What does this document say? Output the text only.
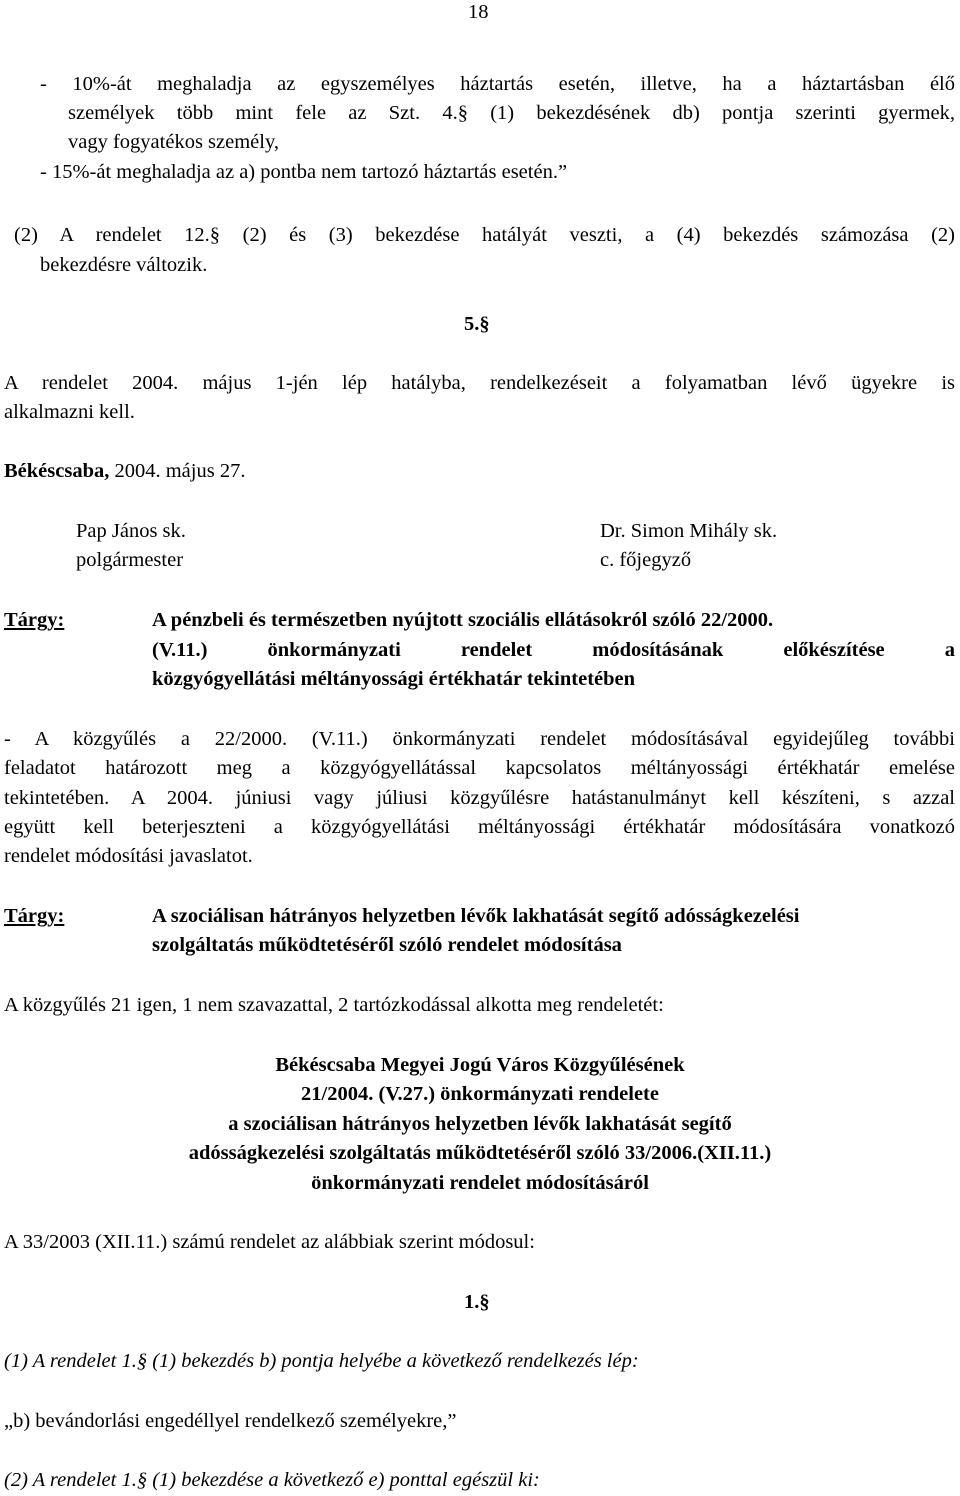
18
- 10%-át meghaladja az egyszemélyes háztartás esetén, illetve, ha a háztartásban élő
személyek több mint fele az Szt. 4.§ (1) bekezdésének db) pontja szerinti gyermek,
vagy fogyatékos személy,
- 15%-át meghaladja az a) pontba nem tartozó háztartás esetén.”
(2) A rendelet 12.§ (2) és (3) bekezdése hatályát veszti, a (4) bekezdés számozása (2)
bekezdésre változik.
5.§
A rendelet 2004. május 1-jén lép hatályba, rendelkezéseit a folyamatban lévő ügyekre is
alkalmazni kell.
Békéscsaba, 2004. május 27.
Pap János sk.
polgármester
Dr. Simon Mihály sk.
c. főjegyző
Tárgy:	A pénzbeli és természetben nyújtott szociális ellátásokról szóló 22/2000.
(V.11.) önkormányzati rendelet módosításának előkészítése a
közgyógyellátási méltányossági értékhatár tekintetében
- A közgyűlés a 22/2000. (V.11.) önkormányzati rendelet módosításával egyidejűleg további
feladatot határozott meg a közgyógyellátással kapcsolatos méltányossági értékhatár emelése
tekintetében. A 2004. júniusi vagy júliusi közgyűlésre hatástanulmányt kell készíteni, s azzal
együtt kell beterjeszteni a közgyógyellátási méltányossági értékhatár módosítására vonatkozó
rendelet módosítási javaslatot.
Tárgy:	A szociálisan hátrányos helyzetben lévők lakhatását segítő adósságkezelési
szolgáltatás működtetéséről szóló rendelet módosítása
A közgyűlés 21 igen, 1 nem szavazattal, 2 tartózkodással alkotta meg rendeletét:
Békéscsaba Megyei Jogú Város Közgyűlésének
21/2004. (V.27.) önkormányzati rendelete
a szociálisan hátrányos helyzetben lévők lakhatását segítő
adósságkezelési szolgáltatás működtetéséről szóló 33/2006.(XII.11.)
önkormányzati rendelet módosításáról
A 33/2003 (XII.11.) számú rendelet az alábbiak szerint módosul:
1.§
(1) A rendelet 1.§ (1) bekezdés b) pontja helyébe a következő rendelkezés lép:
„b) bevándorlási engedéllyel rendelkező személyekre,”
(2) A rendelet 1.§ (1) bekezdése a következő e) ponttal egészül ki:
